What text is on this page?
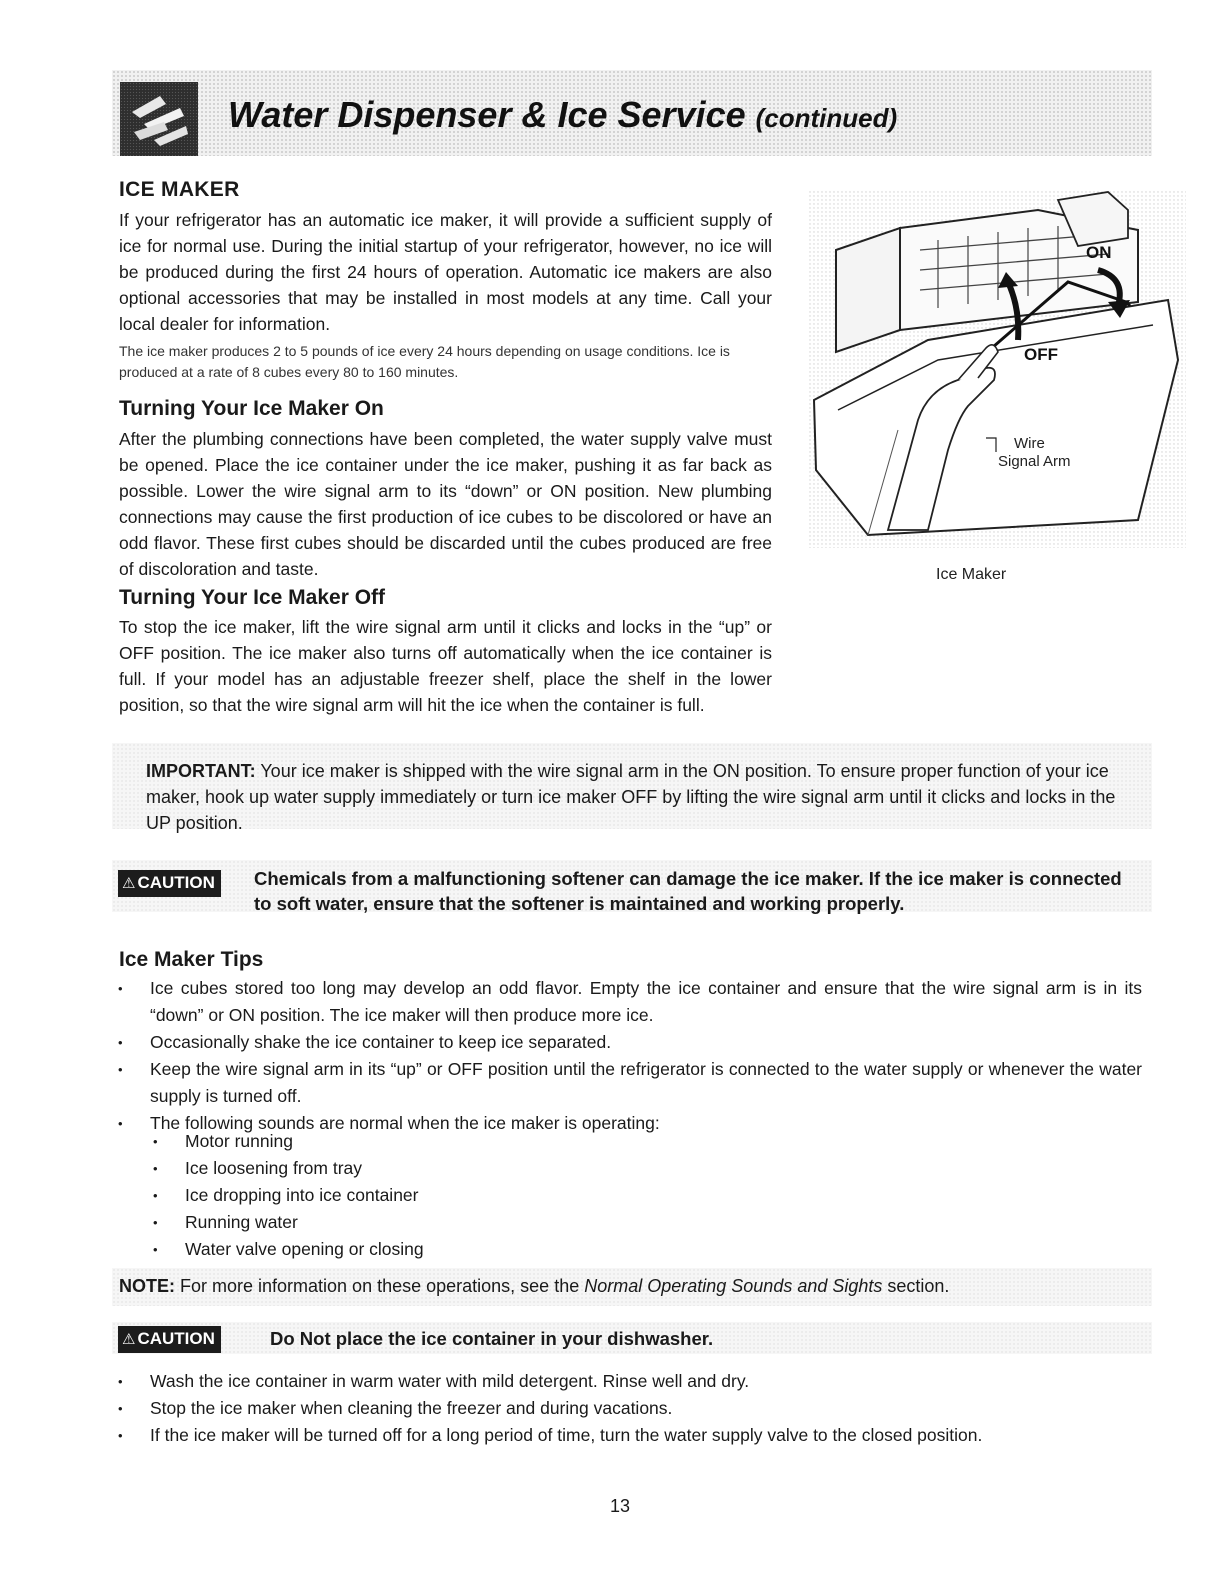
Water Dispenser & Ice Service (continued)
ICE MAKER
If your refrigerator has an automatic ice maker, it will provide a sufficient supply of ice for normal use. During the initial startup of your refrigerator, however, no ice will be produced during the first 24 hours of operation. Automatic ice makers are also optional accessories that may be installed in most models at any time. Call your local dealer for information.
The ice maker produces 2 to 5 pounds of ice every 24 hours depending on usage conditions. Ice is produced at a rate of 8 cubes every 80 to 160 minutes.
Turning Your Ice Maker On
After the plumbing connections have been completed, the water supply valve must be opened. Place the ice container under the ice maker, pushing it as far back as possible. Lower the wire signal arm to its “down” or ON position. New plumbing connections may cause the first production of ice cubes to be discolored or have an odd flavor. These first cubes should be discarded until the cubes produced are free of discoloration and taste.
Turning Your Ice Maker Off
To stop the ice maker, lift the wire signal arm until it clicks and locks in the “up” or OFF position. The ice maker also turns off automatically when the ice container is full. If your model has an adjustable freezer shelf, place the shelf in the lower position, so that the wire signal arm will hit the ice when the container is full.
ON
OFF
Wire
Signal Arm
Ice Maker
IMPORTANT: Your ice maker is shipped with the wire signal arm in the ON position. To ensure proper function of your ice maker, hook up water supply immediately or turn ice maker OFF by lifting the wire signal arm until it clicks and locks in the UP position.
⚠ CAUTION	Chemicals from a malfunctioning softener can damage the ice maker. If the ice maker is connected to soft water, ensure that the softener is maintained and working properly.
Ice Maker Tips
• Ice cubes stored too long may develop an odd flavor. Empty the ice container and ensure that the wire signal arm is in its “down” or ON position. The ice maker will then produce more ice.
• Occasionally shake the ice container to keep ice separated.
• Keep the wire signal arm in its “up” or OFF position until the refrigerator is connected to the water supply or whenever the water supply is turned off.
• The following sounds are normal when the ice maker is operating:
• Motor running
• Ice loosening from tray
• Ice dropping into ice container
• Running water
• Water valve opening or closing
NOTE: For more information on these operations, see the Normal Operating Sounds and Sights section.
⚠ CAUTION	Do Not place the ice container in your dishwasher.
• Wash the ice container in warm water with mild detergent. Rinse well and dry.
• Stop the ice maker when cleaning the freezer and during vacations.
• If the ice maker will be turned off for a long period of time, turn the water supply valve to the closed position.
13
